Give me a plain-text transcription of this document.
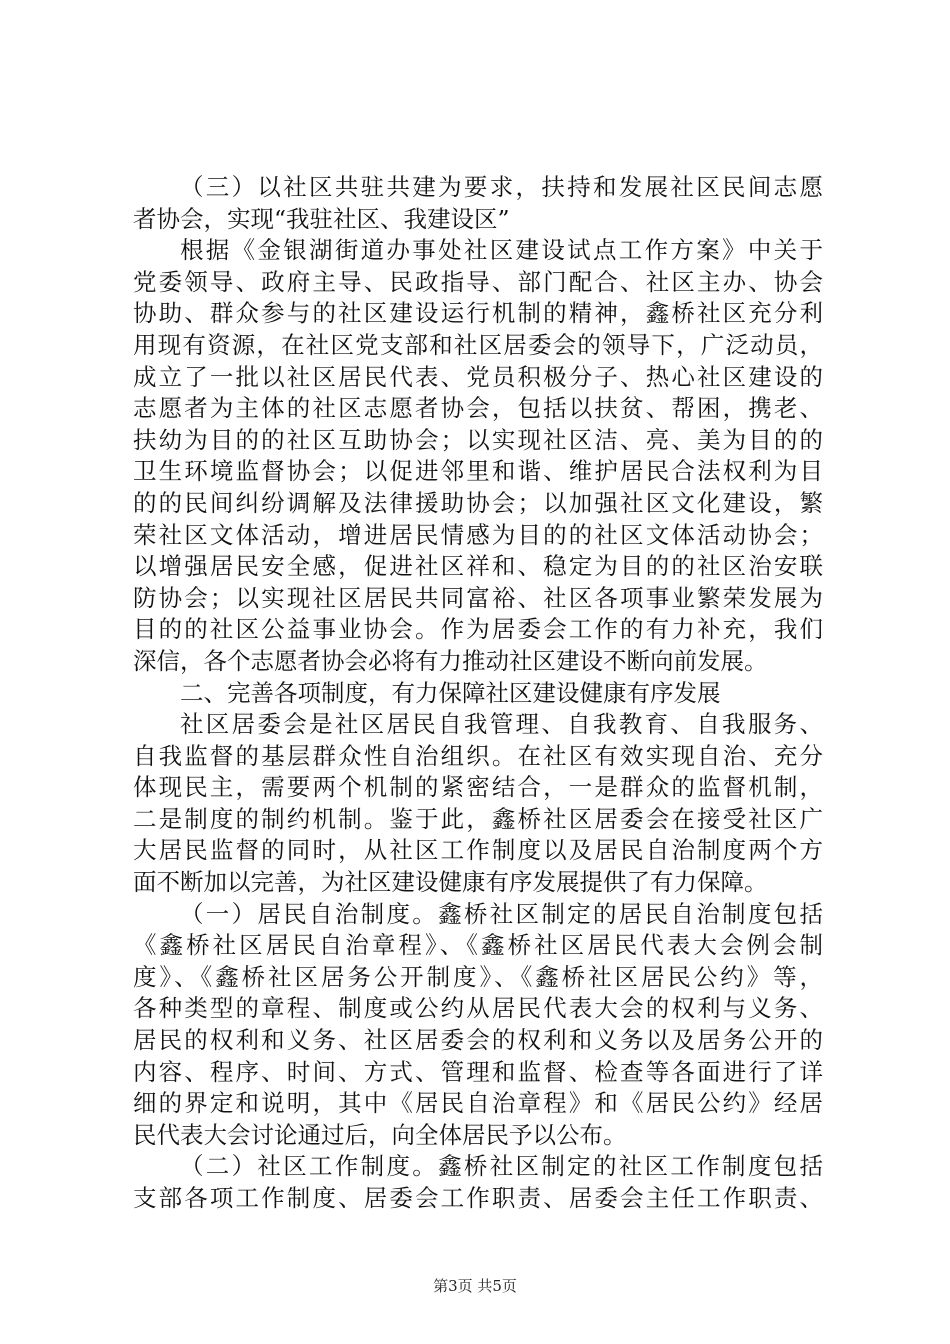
（三）以社区共驻共建为要求，扶持和发展社区民间志愿
者协会，实现“我驻社区、我建设区”
根据《金银湖街道办事处社区建设试点工作方案》中关于
党委领导、政府主导、民政指导、部门配合、社区主办、协会
协助、群众参与的社区建设运行机制的精神，鑫桥社区充分利
用现有资源，在社区党支部和社区居委会的领导下，广泛动员，
成立了一批以社区居民代表、党员积极分子、热心社区建设的
志愿者为主体的社区志愿者协会，包括以扶贫、帮困，携老、
扶幼为目的的社区互助协会；以实现社区洁、亮、美为目的的
卫生环境监督协会；以促进邻里和谐、维护居民合法权利为目
的的民间纠纷调解及法律援助协会；以加强社区文化建设，繁
荣社区文体活动，增进居民情感为目的的社区文体活动协会；
以增强居民安全感，促进社区祥和、稳定为目的的社区治安联
防协会；以实现社区居民共同富裕、社区各项事业繁荣发展为
目的的社区公益事业协会。作为居委会工作的有力补充，我们
深信，各个志愿者协会必将有力推动社区建设不断向前发展。
二、完善各项制度，有力保障社区建设健康有序发展
社区居委会是社区居民自我管理、自我教育、自我服务、
自我监督的基层群众性自治组织。在社区有效实现自治、充分
体现民主，需要两个机制的紧密结合，一是群众的监督机制，
二是制度的制约机制。鉴于此，鑫桥社区居委会在接受社区广
大居民监督的同时，从社区工作制度以及居民自治制度两个方
面不断加以完善，为社区建设健康有序发展提供了有力保障。
（一）居民自治制度。鑫桥社区制定的居民自治制度包括
《鑫桥社区居民自治章程》、《鑫桥社区居民代表大会例会制
度》、《鑫桥社区居务公开制度》、《鑫桥社区居民公约》等，
各种类型的章程、制度或公约从居民代表大会的权利与义务、
居民的权利和义务、社区居委会的权利和义务以及居务公开的
内容、程序、时间、方式、管理和监督、检查等各面进行了详
细的界定和说明，其中《居民自治章程》和《居民公约》经居
民代表大会讨论通过后，向全体居民予以公布。
（二）社区工作制度。鑫桥社区制定的社区工作制度包括
支部各项工作制度、居委会工作职责、居委会主任工作职责、
第3页 共5页
